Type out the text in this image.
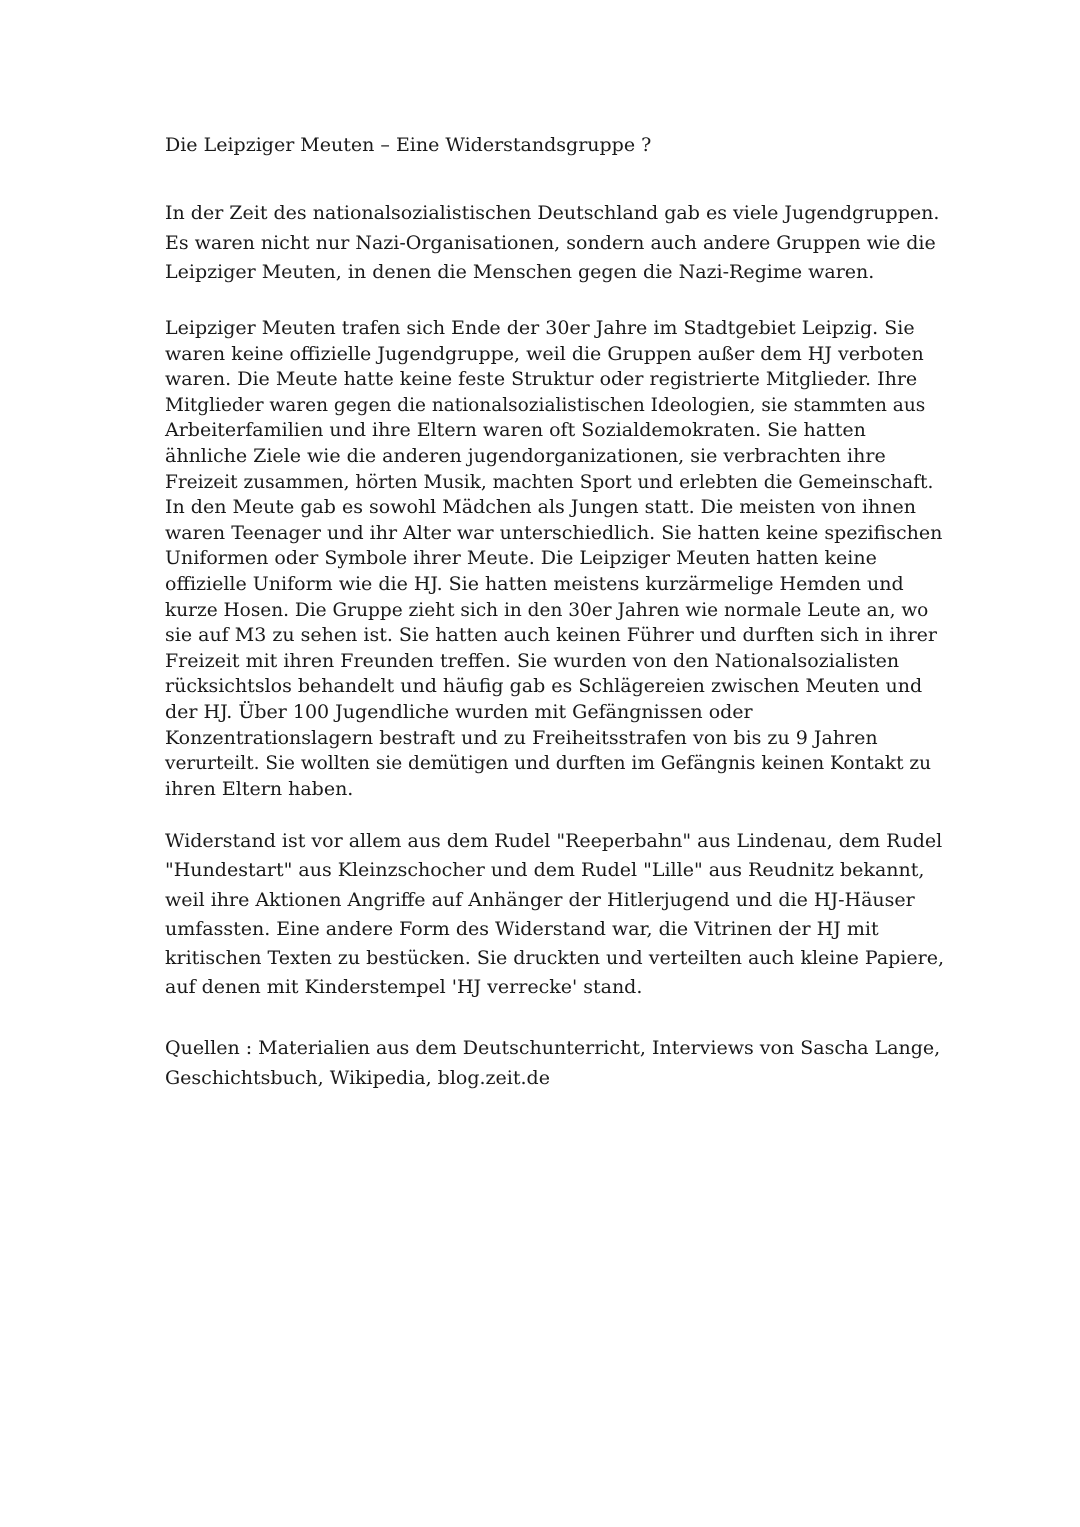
Die Leipziger Meuten – Eine Widerstandsgruppe ?

In der Zeit des nationalsozialistischen Deutschland gab es viele Jugendgruppen.
Es waren nicht nur Nazi-Organisationen, sondern auch andere Gruppen wie die
Leipziger Meuten, in denen die Menschen gegen die Nazi-Regime waren.

Leipziger Meuten trafen sich Ende der 30er Jahre im Stadtgebiet Leipzig. Sie
waren keine offizielle Jugendgruppe, weil die Gruppen außer dem HJ verboten
waren. Die Meute hatte keine feste Struktur oder registrierte Mitglieder. Ihre
Mitglieder waren gegen die nationalsozialistischen Ideologien, sie stammten aus
Arbeiterfamilien und ihre Eltern waren oft Sozialdemokraten. Sie hatten
ähnliche Ziele wie die anderen jugendorganizationen, sie verbrachten ihre
Freizeit zusammen, hörten Musik, machten Sport und erlebten die Gemeinschaft.
In den Meute gab es sowohl Mädchen als Jungen statt. Die meisten von ihnen
waren Teenager und ihr Alter war unterschiedlich. Sie hatten keine spezifischen
Uniformen oder Symbole ihrer Meute. Die Leipziger Meuten hatten keine
offizielle Uniform wie die HJ. Sie hatten meistens kurzärmelige Hemden und
kurze Hosen. Die Gruppe zieht sich in den 30er Jahren wie normale Leute an, wo
sie auf M3 zu sehen ist. Sie hatten auch keinen Führer und durften sich in ihrer
Freizeit mit ihren Freunden treffen. Sie wurden von den Nationalsozialisten
rücksichtslos behandelt und häufig gab es Schlägereien zwischen Meuten und
der HJ. Über 100 Jugendliche wurden mit Gefängnissen oder
Konzentrationslagern bestraft und zu Freiheitsstrafen von bis zu 9 Jahren
verurteilt. Sie wollten sie demütigen und durften im Gefängnis keinen Kontakt zu
ihren Eltern haben.

Widerstand ist vor allem aus dem Rudel "Reeperbahn" aus Lindenau, dem Rudel
"Hundestart" aus Kleinzschocher und dem Rudel "Lille" aus Reudnitz bekannt,
weil ihre Aktionen Angriffe auf Anhänger der Hitlerjugend und die HJ-Häuser
umfassten. Eine andere Form des Widerstand war, die Vitrinen der HJ mit
kritischen Texten zu bestücken. Sie druckten und verteilten auch kleine Papiere,
auf denen mit Kinderstempel 'HJ verrecke' stand.

Quellen : Materialien aus dem Deutschunterricht, Interviews von Sascha Lange,
Geschichtsbuch, Wikipedia, blog.zeit.de
